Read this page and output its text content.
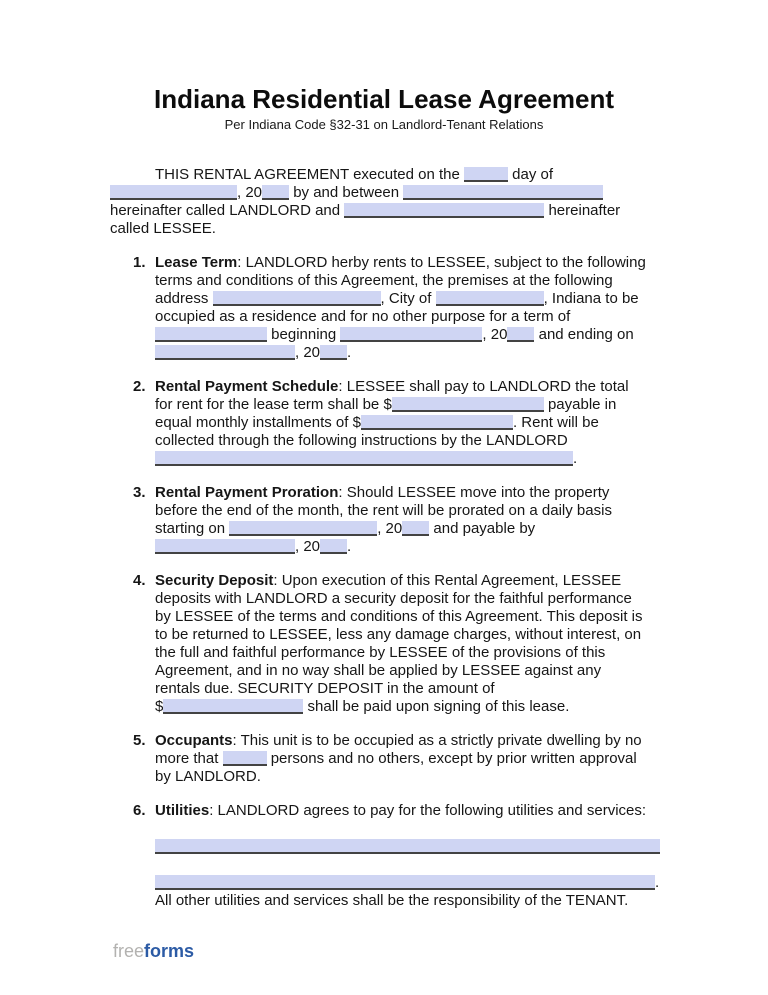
Indiana Residential Lease Agreement
Per Indiana Code §32-31 on Landlord-Tenant Relations
THIS RENTAL AGREEMENT executed on the	day of
, 20 by and between
hereinafter called LANDLORD and	hereinafter
called LESSEE.
1. Lease Term: LANDLORD herby rents to LESSEE, subject to the following
terms and conditions of this Agreement, the premises at the following
address	, City of	, Indiana to be
occupied as a residence and for no other purpose for a term of
beginning	, 20 and ending on
, 20 .
2. Rental Payment Schedule: LESSEE shall pay to LANDLORD the total
for rent for the lease term shall be $	payable in
equal monthly installments of $	. Rent will be
collected through the following instructions by the LANDLORD
.
3. Rental Payment Proration: Should LESSEE move into the property
before the end of the month, the rent will be prorated on a daily basis
starting on	, 20 and payable by
, 20 .
4. Security Deposit: Upon execution of this Rental Agreement, LESSEE
deposits with LANDLORD a security deposit for the faithful performance
by LESSEE of the terms and conditions of this Agreement. This deposit is
to be returned to LESSEE, less any damage charges, without interest, on
the full and faithful performance by LESSEE of the provisions of this
Agreement, and in no way shall be applied by LESSEE against any
rentals due. SECURITY DEPOSIT in the amount of
$	shall be paid upon signing of this lease.
5. Occupants: This unit is to be occupied as a strictly private dwelling by no
more that	persons and no others, except by prior written approval
by LANDLORD.
6. Utilities: LANDLORD agrees to pay for the following utilities and services:
.
All other utilities and services shall be the responsibility of the TENANT.
freeforms
